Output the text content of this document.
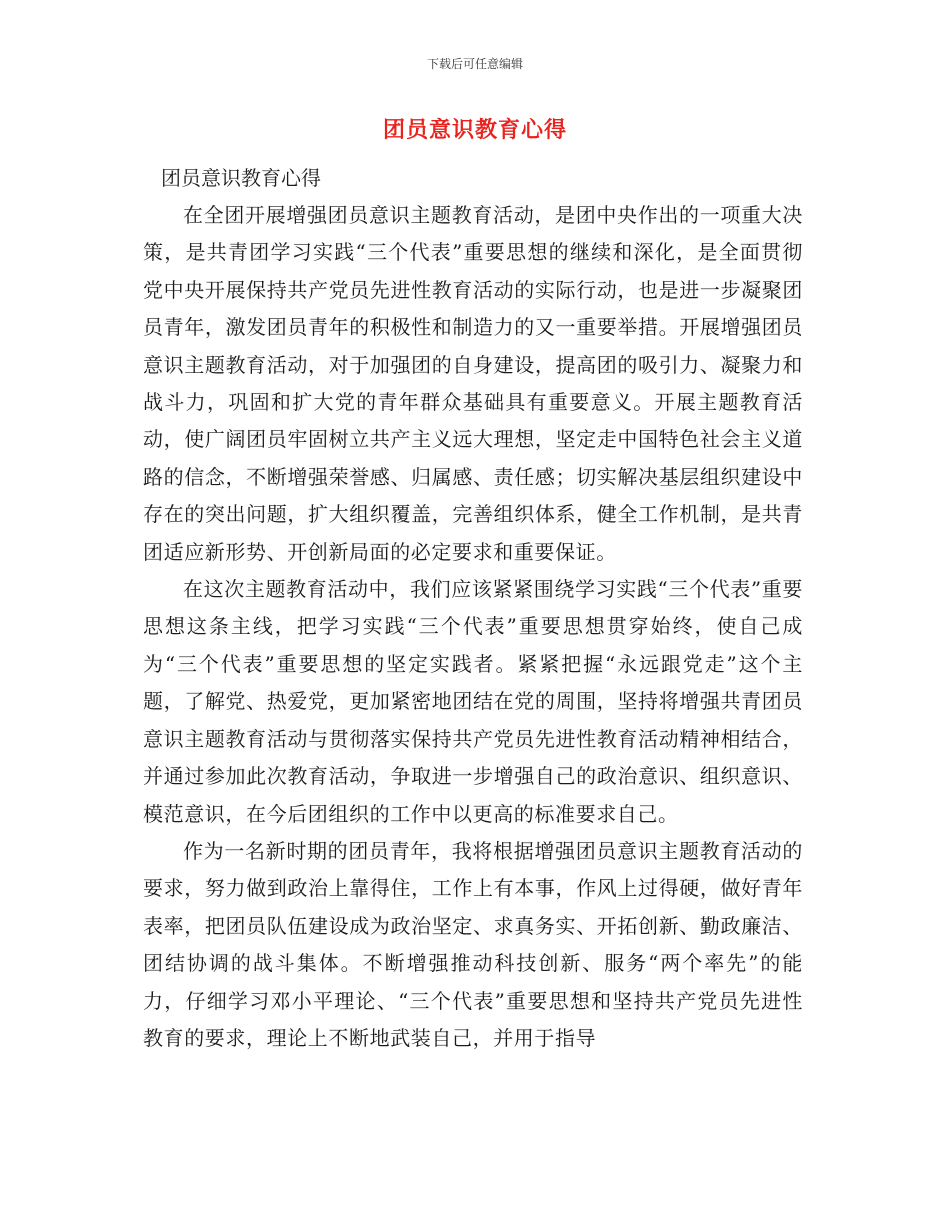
下载后可任意编辑
团员意识教育心得

团员意识教育心得

在全团开展增强团员意识主题教育活动，是团中央作出的一项重大决策，是共青团学习实践“三个代表”重要思想的继续和深化，是全面贯彻党中央开展保持共产党员先进性教育活动的实际行动，也是进一步凝聚团员青年，激发团员青年的积极性和制造力的又一重要举措。开展增强团员意识主题教育活动，对于加强团的自身建设，提高团的吸引力、凝聚力和战斗力，巩固和扩大党的青年群众基础具有重要意义。开展主题教育活动，使广阔团员牢固树立共产主义远大理想，坚定走中国特色社会主义道路的信念，不断增强荣誉感、归属感、责任感；切实解决基层组织建设中存在的突出问题，扩大组织覆盖，完善组织体系，健全工作机制，是共青团适应新形势、开创新局面的必定要求和重要保证。

在这次主题教育活动中，我们应该紧紧围绕学习实践“三个代表”重要思想这条主线，把学习实践“三个代表”重要思想贯穿始终，使自己成为“三个代表”重要思想的坚定实践者。紧紧把握“永远跟党走”这个主题，了解党、热爱党，更加紧密地团结在党的周围，坚持将增强共青团员意识主题教育活动与贯彻落实保持共产党员先进性教育活动精神相结合，并通过参加此次教育活动，争取进一步增强自己的政治意识、组织意识、模范意识，在今后团组织的工作中以更高的标准要求自己。

作为一名新时期的团员青年，我将根据增强团员意识主题教育活动的要求，努力做到政治上靠得住，工作上有本事，作风上过得硬，做好青年表率，把团员队伍建设成为政治坚定、求真务实、开拓创新、勤政廉洁、团结协调的战斗集体。不断增强推动科技创新、服务“两个率先”的能力，仔细学习邓小平理论、“三个代表”重要思想和坚持共产党员先进性教育的要求，理论上不断地武装自己，并用于指导
